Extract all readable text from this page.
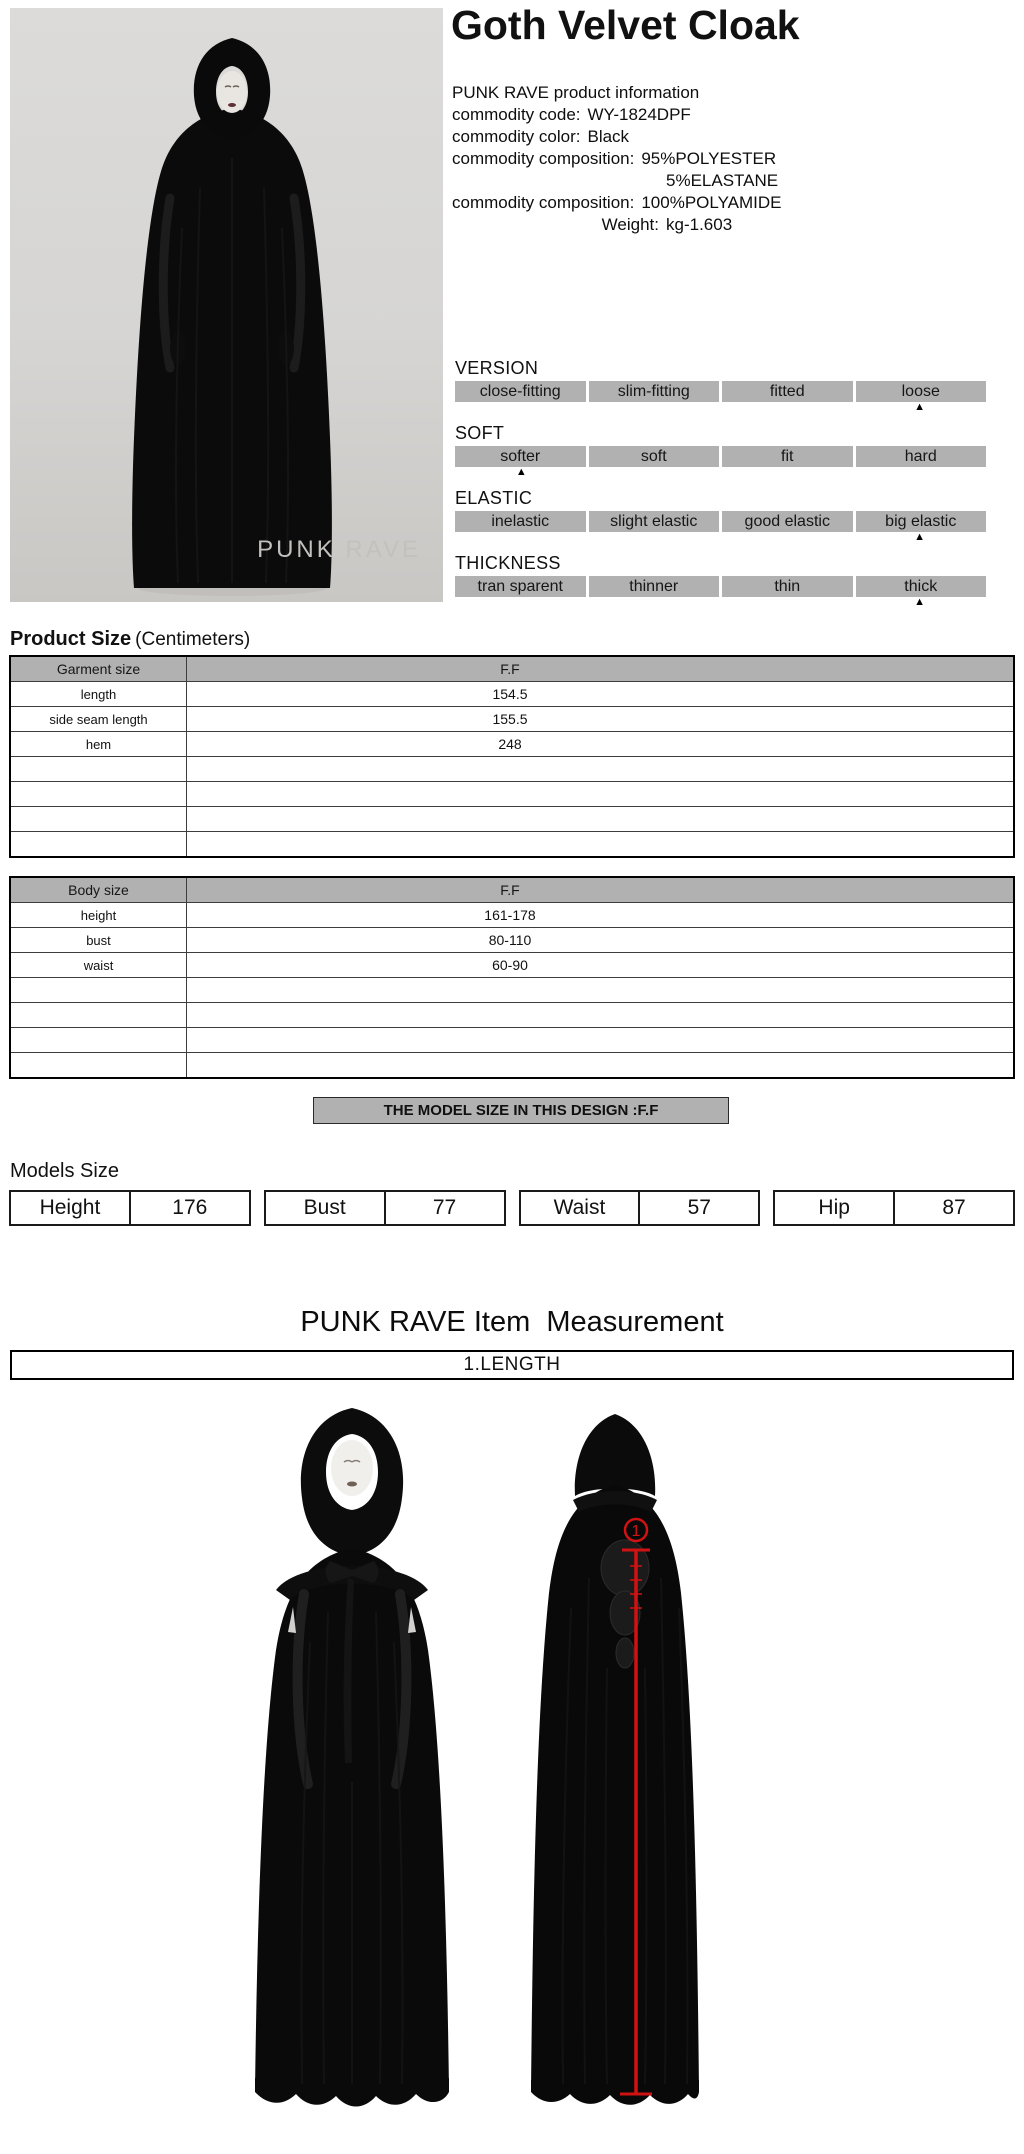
PUNK RAVE
Goth Velvet Cloak
PUNK RAVE product information
commodity code: WY-1824DPF
commodity color: Black
commodity composition: 95%POLYESTER
5%ELASTANE
commodity composition: 100%POLYAMIDE
Weight: kg-1.603
VERSION
close-fitting	slim-fitting	fitted	loose
▲
SOFT
softer	soft	fit	hard
▲
ELASTIC
inelastic	slight elastic	good elastic	big elastic
▲
THICKNESS
tran sparent	thinner	thin	thick
▲
Product Size (Centimeters)
Garment size	F.F
length	154.5
side seam length	155.5
hem	248

Body size	F.F
height	161-178
bust	80-110
waist	60-90

THE MODEL SIZE IN THIS DESIGN :F.F
Models Size
Height	176	Bust	77	Waist	57	Hip	87
PUNK RAVE Item  Measurement
1.LENGTH
1
